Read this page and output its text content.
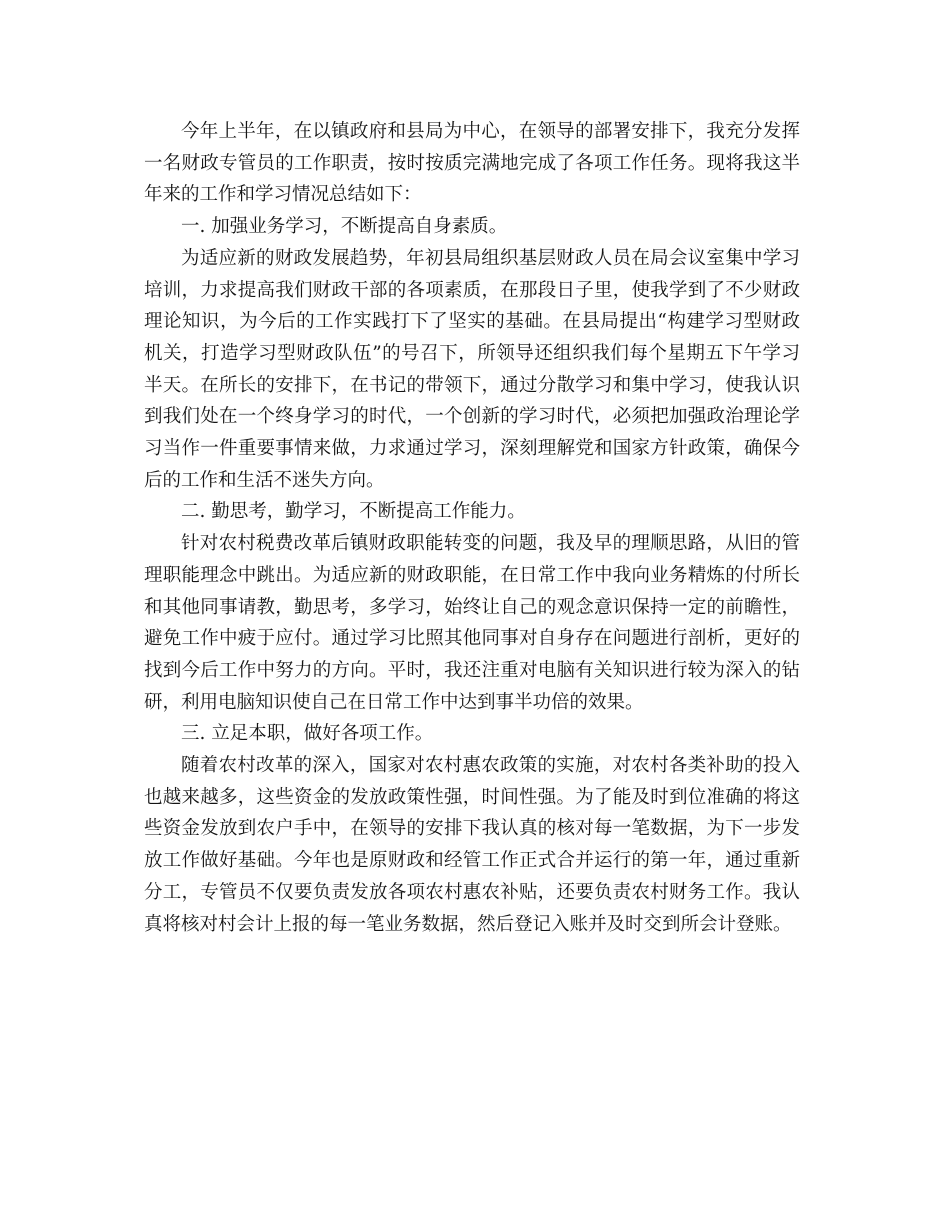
今年上半年，在以镇政府和县局为中心，在领导的部署安排下，我充分发挥一名财政专管员的工作职责，按时按质完满地完成了各项工作任务。现将我这半年来的工作和学习情况总结如下：

一. 加强业务学习，不断提高自身素质。

为适应新的财政发展趋势，年初县局组织基层财政人员在局会议室集中学习培训，力求提高我们财政干部的各项素质，在那段日子里，使我学到了不少财政理论知识，为今后的工作实践打下了坚实的基础。在县局提出“构建学习型财政机关，打造学习型财政队伍”的号召下，所领导还组织我们每个星期五下午学习半天。在所长的安排下，在书记的带领下，通过分散学习和集中学习，使我认识到我们处在一个终身学习的时代，一个创新的学习时代，必须把加强政治理论学习当作一件重要事情来做，力求通过学习，深刻理解党和国家方针政策，确保今后的工作和生活不迷失方向。

二. 勤思考，勤学习，不断提高工作能力。

针对农村税费改革后镇财政职能转变的问题，我及早的理顺思路，从旧的管理职能理念中跳出。为适应新的财政职能，在日常工作中我向业务精炼的付所长和其他同事请教，勤思考，多学习，始终让自己的观念意识保持一定的前瞻性，避免工作中疲于应付。通过学习比照其他同事对自身存在问题进行剖析，更好的找到今后工作中努力的方向。平时，我还注重对电脑有关知识进行较为深入的钻研，利用电脑知识使自己在日常工作中达到事半功倍的效果。

三. 立足本职，做好各项工作。

随着农村改革的深入，国家对农村惠农政策的实施，对农村各类补助的投入也越来越多，这些资金的发放政策性强，时间性强。为了能及时到位准确的将这些资金发放到农户手中，在领导的安排下我认真的核对每一笔数据，为下一步发放工作做好基础。今年也是原财政和经管工作正式合并运行的第一年，通过重新分工，专管员不仅要负责发放各项农村惠农补贴，还要负责农村财务工作。我认真将核对村会计上报的每一笔业务数据，然后登记入账并及时交到所会计登账。
